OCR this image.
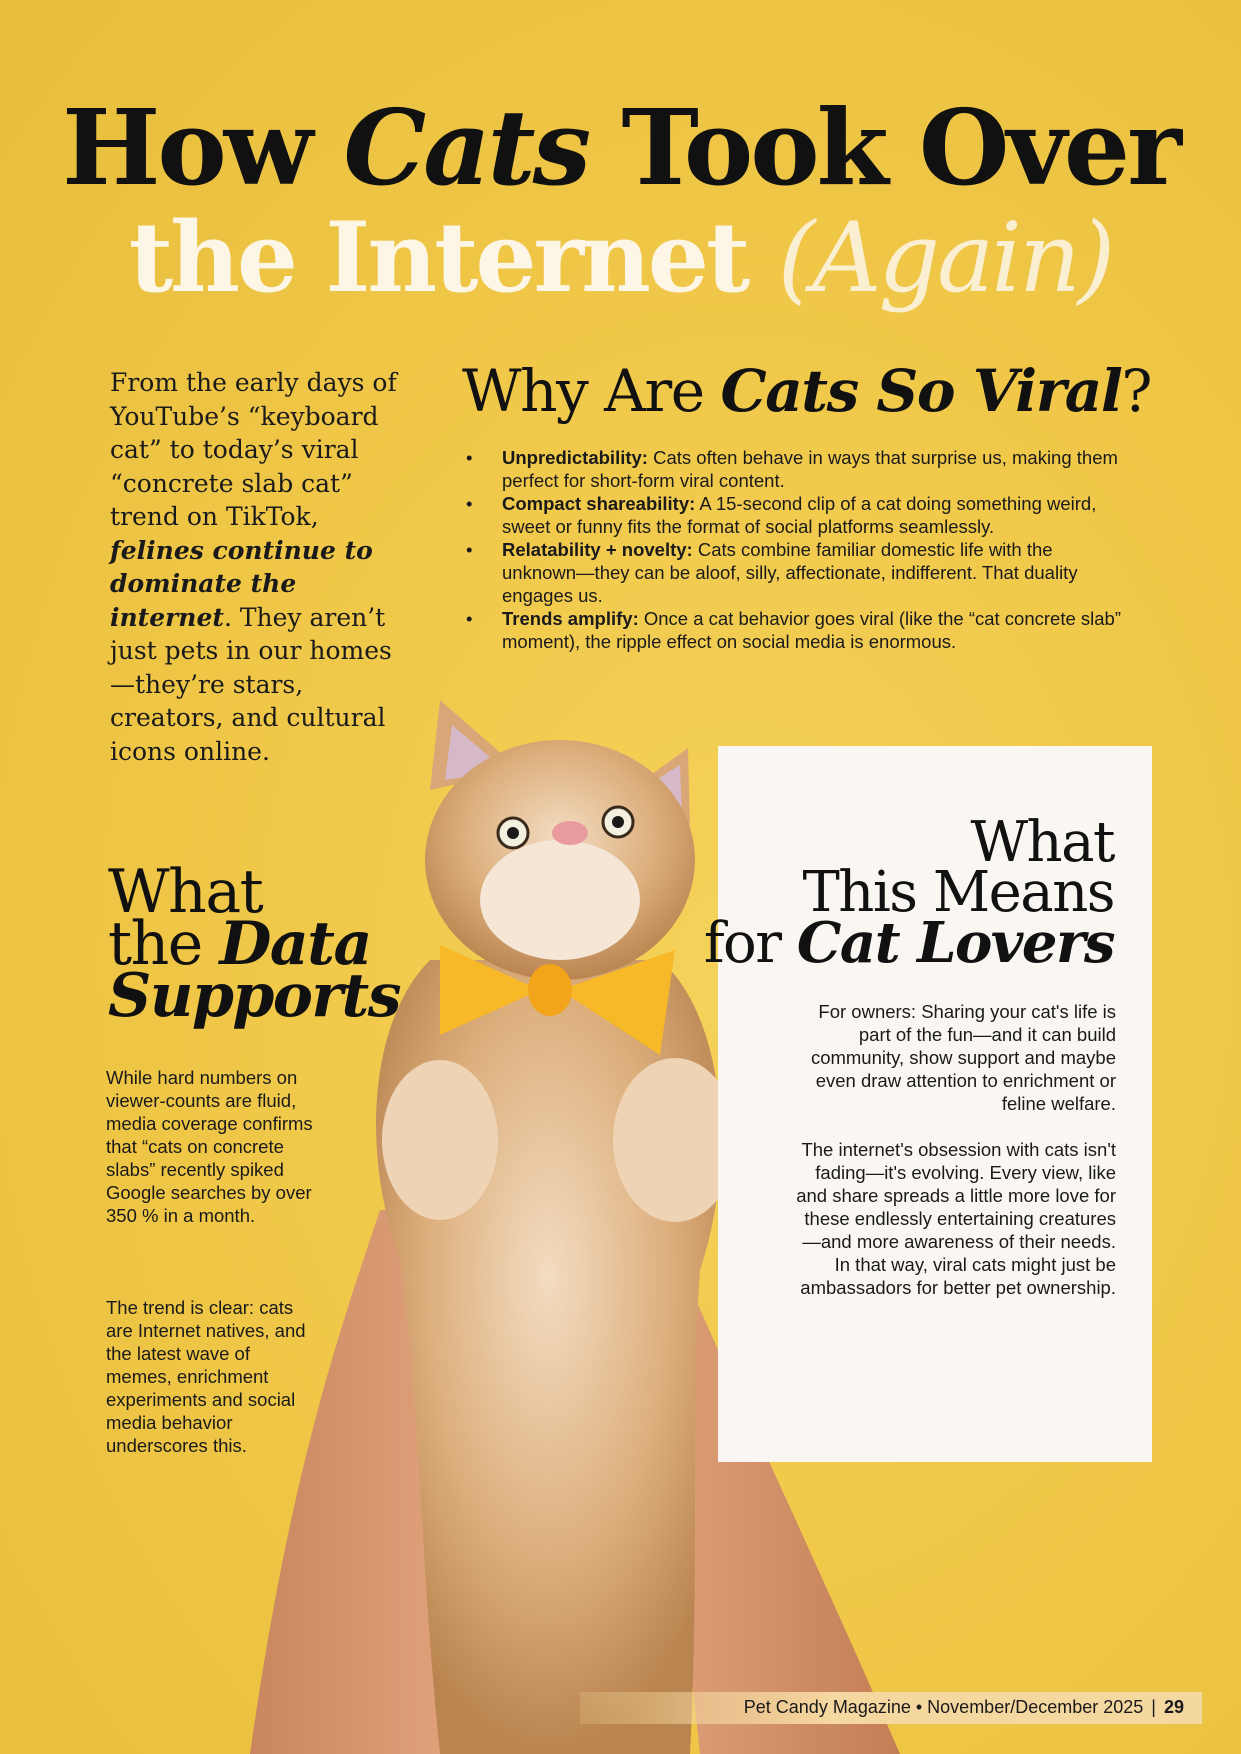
How Cats Took Over
the Internet (Again)

From the early days of YouTube’s “keyboard cat” to today’s viral “concrete slab cat” trend on TikTok, felines continue to dominate the internet. They aren’t just pets in our homes—they’re stars, creators, and cultural icons online.

Why Are Cats So Viral?
• Unpredictability: Cats often behave in ways that surprise us, making them perfect for short-form viral content.
• Compact shareability: A 15-second clip of a cat doing something weird, sweet or funny fits the format of social platforms seamlessly.
• Relatability + novelty: Cats combine familiar domestic life with the unknown—they can be aloof, silly, affectionate, indifferent. That duality engages us.
• Trends amplify: Once a cat behavior goes viral (like the “cat concrete slab” moment), the ripple effect on social media is enormous.
What
the Data
Supports

While hard numbers on viewer-counts are fluid, media coverage confirms that “cats on concrete slabs” recently spiked Google searches by over 350 % in a month.

The trend is clear: cats are Internet natives, and the latest wave of memes, enrichment experiments and social media behavior underscores this.

What
This Means
for Cat Lovers

For owners: Sharing your cat's life is part of the fun—and it can build community, show support and maybe even draw attention to enrichment or feline welfare.

The internet's obsession with cats isn't fading—it's evolving. Every view, like and share spreads a little more love for these endlessly entertaining creatures—and more awareness of their needs. In that way, viral cats might just be ambassadors for better pet ownership.

Pet Candy Magazine • November/December 2025 | 29
